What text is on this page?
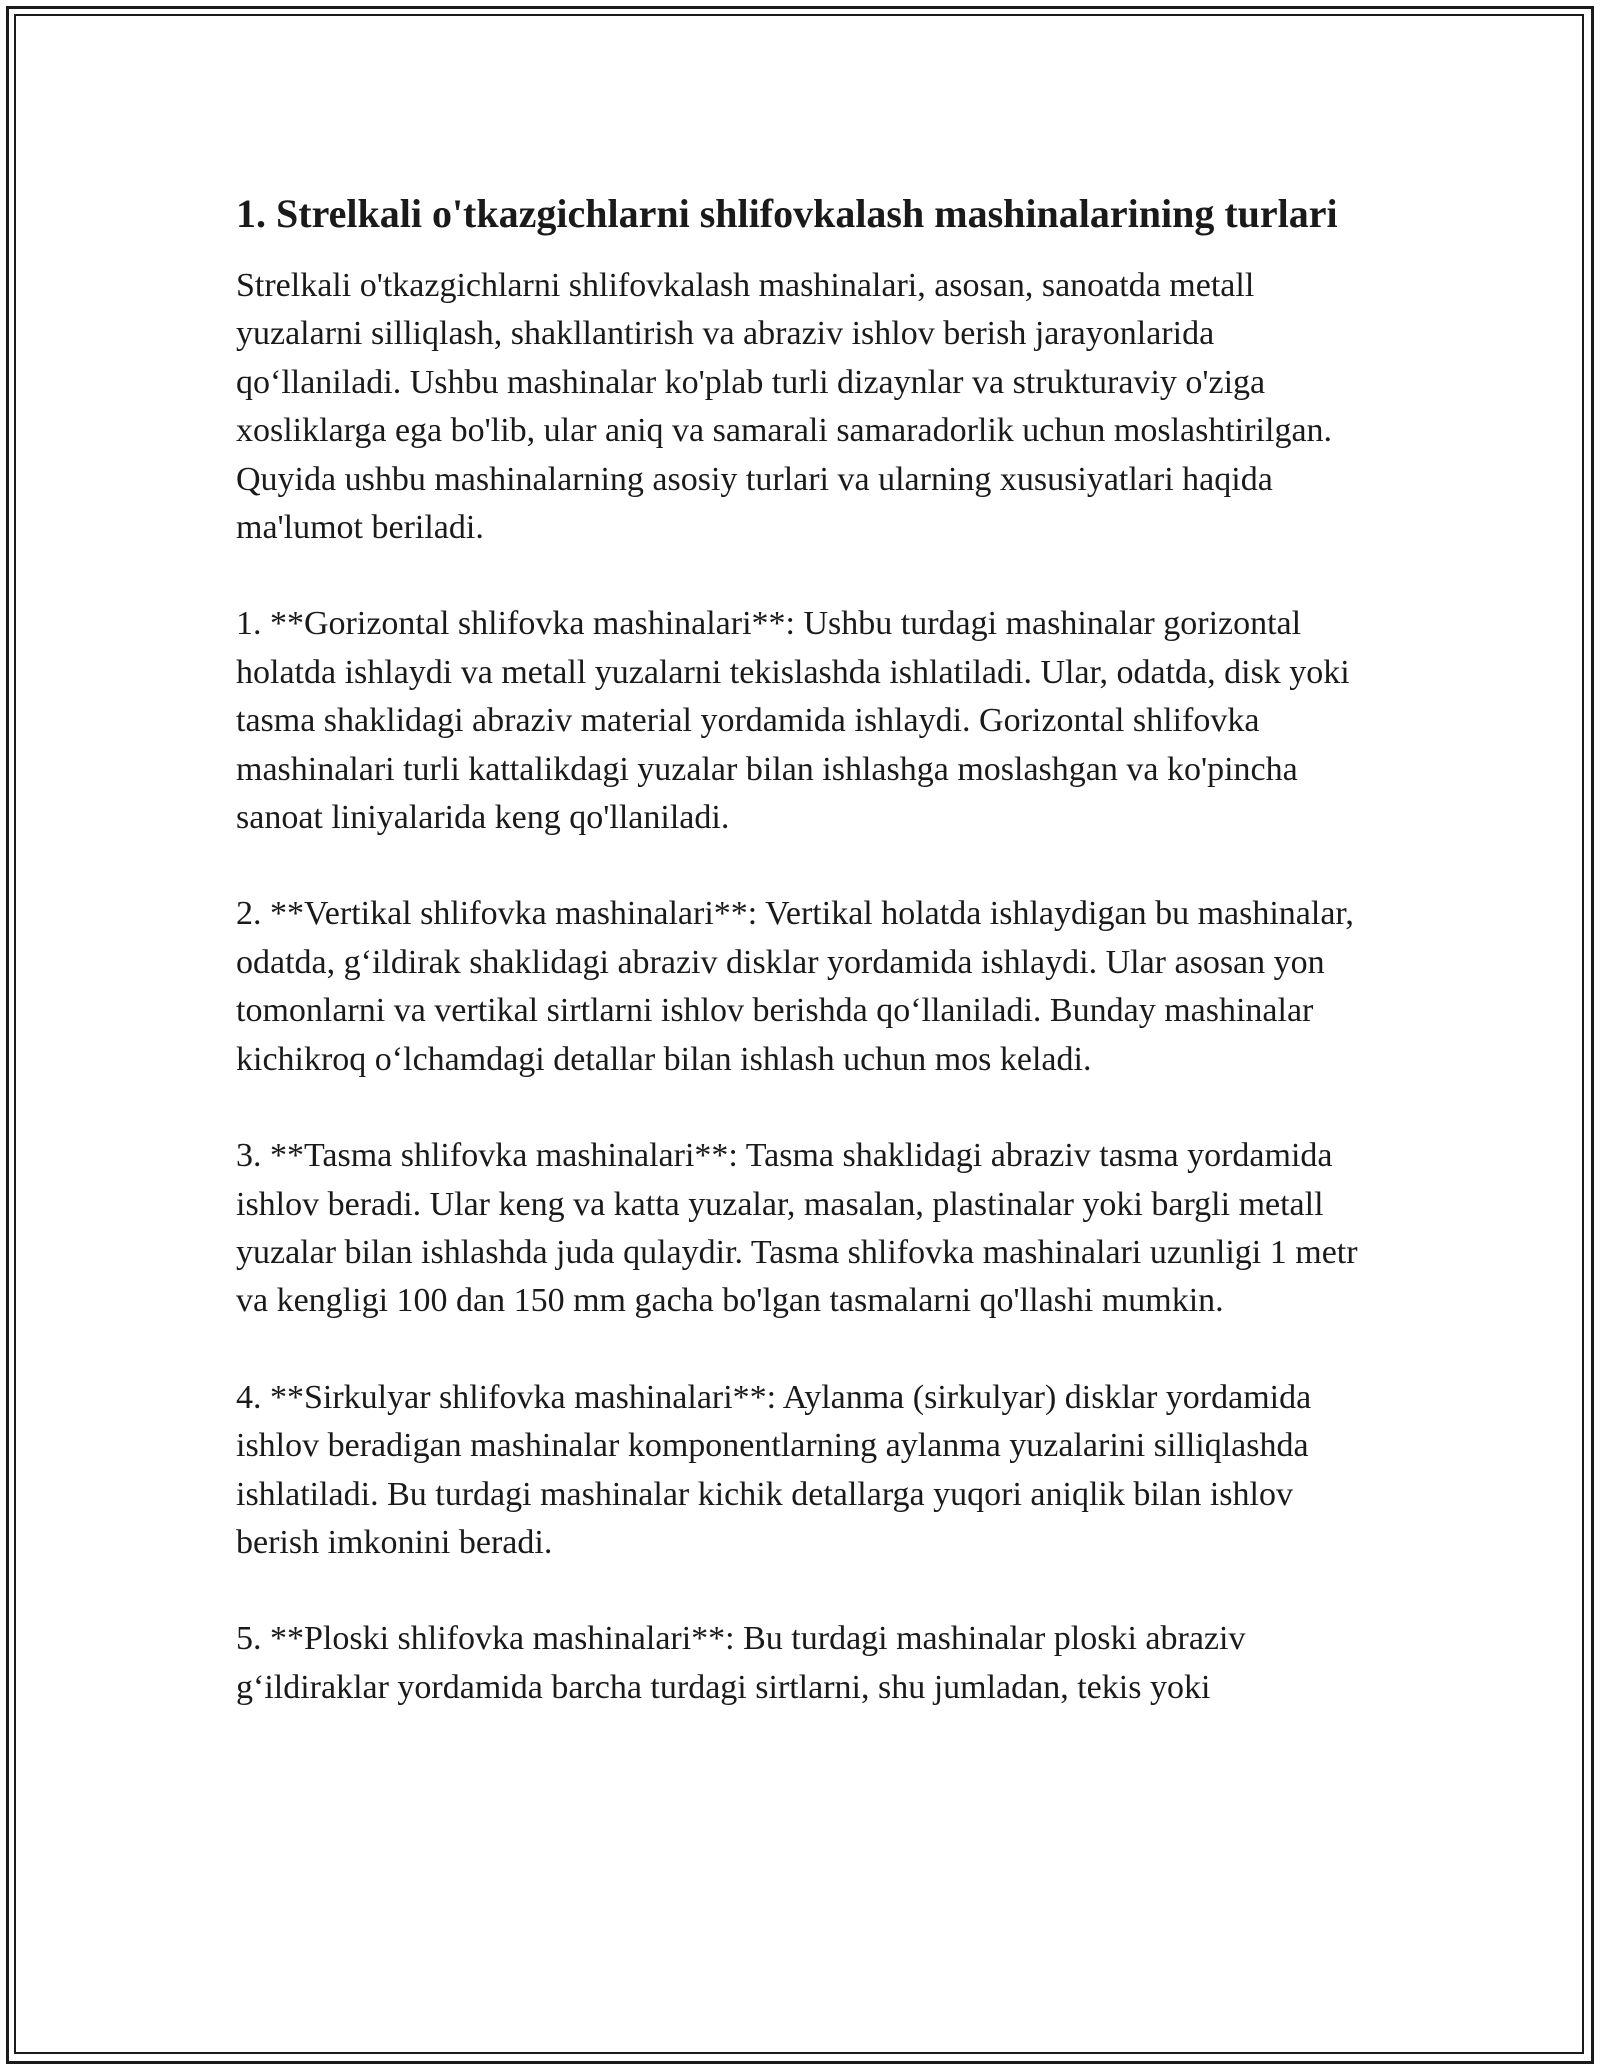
1. Strelkali o'tkazgichlarni shlifovkalash mashinalarining turlari

Strelkali o'tkazgichlarni shlifovkalash mashinalari, asosan, sanoatda metall yuzalarni silliqlash, shakllantirish va abraziv ishlov berish jarayonlarida qo‘llaniladi. Ushbu mashinalar ko'plab turli dizaynlar va strukturaviy o'ziga xosliklarga ega bo'lib, ular aniq va samarali samaradorlik uchun moslashtirilgan. Quyida ushbu mashinalarning asosiy turlari va ularning xususiyatlari haqida ma'lumot beriladi.

1. **Gorizontal shlifovka mashinalari**: Ushbu turdagi mashinalar gorizontal holatda ishlaydi va metall yuzalarni tekislashda ishlatiladi. Ular, odatda, disk yoki tasma shaklidagi abraziv material yordamida ishlaydi. Gorizontal shlifovka mashinalari turli kattalikdagi yuzalar bilan ishlashga moslashgan va ko'pincha sanoat liniyalarida keng qo'llaniladi.

2. **Vertikal shlifovka mashinalari**: Vertikal holatda ishlaydigan bu mashinalar, odatda, g‘ildirak shaklidagi abraziv disklar yordamida ishlaydi. Ular asosan yon tomonlarni va vertikal sirtlarni ishlov berishda qo‘llaniladi. Bunday mashinalar kichikroq o‘lchamdagi detallar bilan ishlash uchun mos keladi.

3. **Tasma shlifovka mashinalari**: Tasma shaklidagi abraziv tasma yordamida ishlov beradi. Ular keng va katta yuzalar, masalan, plastinalar yoki bargli metall yuzalar bilan ishlashda juda qulaydir. Tasma shlifovka mashinalari uzunligi 1 metr va kengligi 100 dan 150 mm gacha bo'lgan tasmalarni qo'llashi mumkin.

4. **Sirkulyar shlifovka mashinalari**: Aylanma (sirkulyar) disklar yordamida ishlov beradigan mashinalar komponentlarning aylanma yuzalarini silliqlashda ishlatiladi. Bu turdagi mashinalar kichik detallarga yuqori aniqlik bilan ishlov berish imkonini beradi.

5. **Ploski shlifovka mashinalari**: Bu turdagi mashinalar ploski abraziv g‘ildiraklar yordamida barcha turdagi sirtlarni, shu jumladan, tekis yoki
